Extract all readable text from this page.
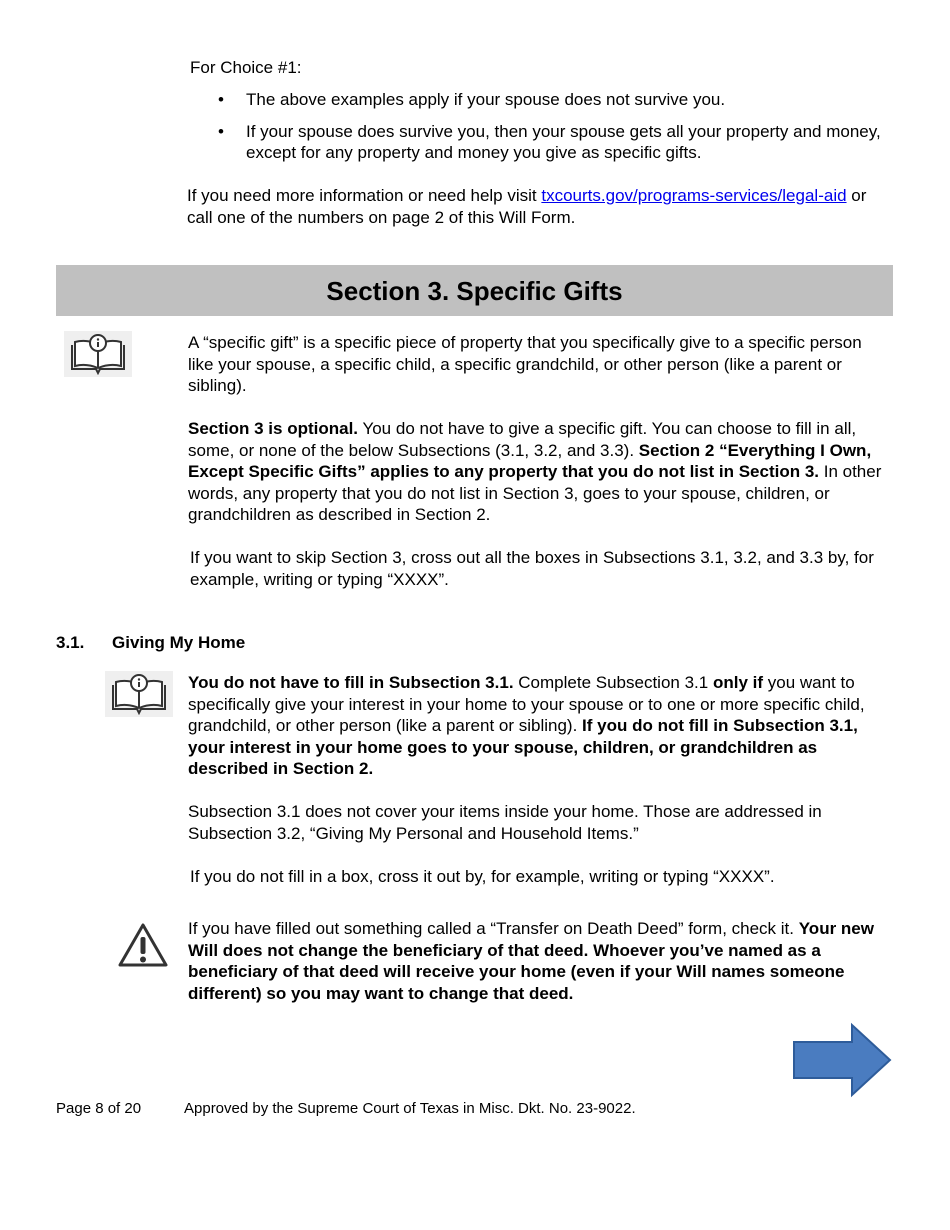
For Choice #1:

• The above examples apply if your spouse does not survive you.
• If your spouse does survive you, then your spouse gets all your property and money, except for any property and money you give as specific gifts.

If you need more information or need help visit txcourts.gov/programs-services/legal-aid or call one of the numbers on page 2 of this Will Form.

Section 3. Specific Gifts

A “specific gift” is a specific piece of property that you specifically give to a specific person like your spouse, a specific child, a specific grandchild, or other person (like a parent or sibling).

Section 3 is optional. You do not have to give a specific gift. You can choose to fill in all, some, or none of the below Subsections (3.1, 3.2, and 3.3). Section 2 “Everything I Own, Except Specific Gifts” applies to any property that you do not list in Section 3. In other words, any property that you do not list in Section 3, goes to your spouse, children, or grandchildren as described in Section 2.

If you want to skip Section 3, cross out all the boxes in Subsections 3.1, 3.2, and 3.3 by, for example, writing or typing “XXXX”.

3.1. Giving My Home

You do not have to fill in Subsection 3.1. Complete Subsection 3.1 only if you want to specifically give your interest in your home to your spouse or to one or more specific child, grandchild, or other person (like a parent or sibling). If you do not fill in Subsection 3.1, your interest in your home goes to your spouse, children, or grandchildren as described in Section 2.

Subsection 3.1 does not cover your items inside your home. Those are addressed in Subsection 3.2, “Giving My Personal and Household Items.”

If you do not fill in a box, cross it out by, for example, writing or typing “XXXX”.

If you have filled out something called a “Transfer on Death Deed” form, check it. Your new Will does not change the beneficiary of that deed. Whoever you’ve named as a beneficiary of that deed will receive your home (even if your Will names someone different) so you may want to change that deed.

Page 8 of 20	Approved by the Supreme Court of Texas in Misc. Dkt. No. 23-9022.
